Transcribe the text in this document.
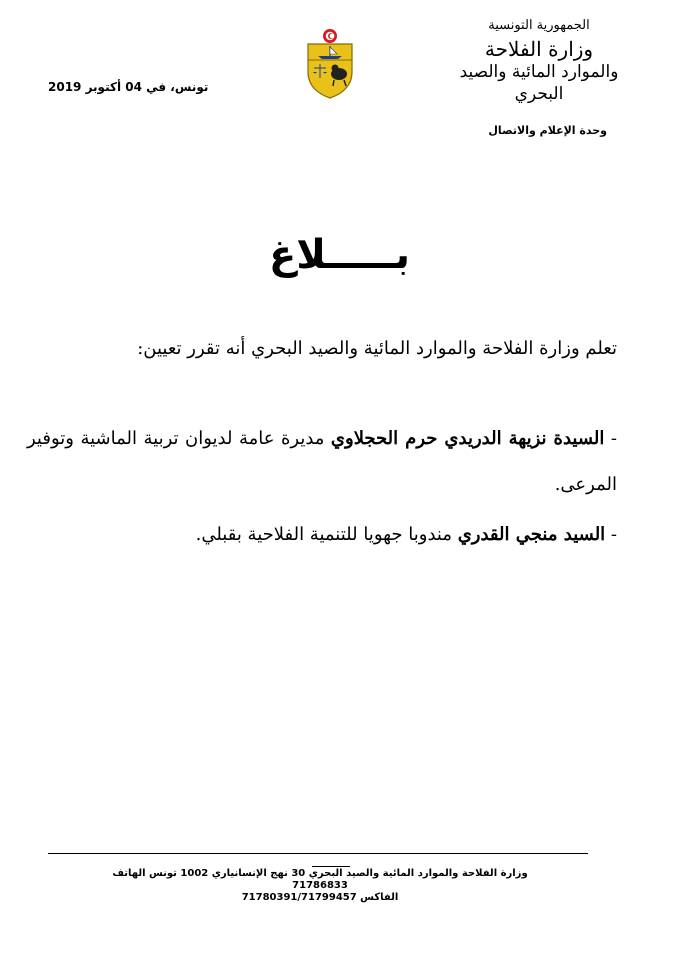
الجمهورية التونسية
وزارة الفلاحة
والموارد المائية والصيد البحري
وحدة الإعلام والاتصال
تونس، في 04 أكتوبر 2019
بـــــلاغ
تعلم وزارة الفلاحة والموارد المائية والصيد البحري أنه تقرر تعيين:
- السيدة نزيهة الدريدي حرم الحجلاوي مديرة عامة لديوان تربية الماشية وتوفير المرعى.
- السيد منجي القدري مندوبا جهويا للتنمية الفلاحية بقبلي.
وزارة الفلاحة والموارد المائية والصيد البحري 30 نهج الإنسانياري 1002 تونس الهاتف 71786833
الفاكس 71780391/71799457
